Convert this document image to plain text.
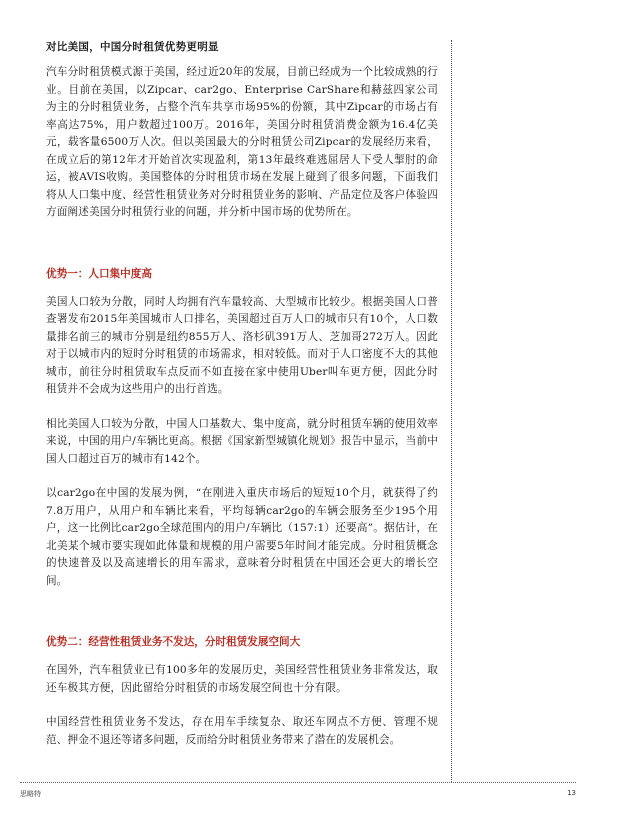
对比美国，中国分时租赁优势更明显
汽车分时租赁模式源于美国，经过近20年的发展，目前已经成为一个比较成熟的行业。目前在美国，以Zipcar、car2go、Enterprise CarShare和赫兹四家公司为主的分时租赁业务，占整个汽车共享市场95%的份额，其中Zipcar的市场占有率高达75%，用户数超过100万。2016年，美国分时租赁消费金额为16.4亿美元，载客量6500万人次。但以美国最大的分时租赁公司Zipcar的发展经历来看，在成立后的第12年才开始首次实现盈利，第13年最终难逃屈居人下受人掣肘的命运，被AVIS收购。美国整体的分时租赁市场在发展上碰到了很多问题，下面我们将从人口集中度、经营性租赁业务对分时租赁业务的影响、产品定位及客户体验四方面阐述美国分时租赁行业的问题，并分析中国市场的优势所在。
优势一：人口集中度高
美国人口较为分散，同时人均拥有汽车量较高、大型城市比较少。根据美国人口普查署发布2015年美国城市人口排名，美国超过百万人口的城市只有10个，人口数量排名前三的城市分别是纽约855万人、洛杉矶391万人、芝加哥272万人。因此对于以城市内的短时分时租赁的市场需求，相对较低。而对于人口密度不大的其他城市，前往分时租赁取车点反而不如直接在家中使用Uber叫车更方便，因此分时租赁并不会成为这些用户的出行首选。
相比美国人口较为分散，中国人口基数大、集中度高，就分时租赁车辆的使用效率来说，中国的用户/车辆比更高。根据《国家新型城镇化规划》报告中显示，当前中国人口超过百万的城市有142个。
以car2go在中国的发展为例，“在刚进入重庆市场后的短短10个月，就获得了约7.8万用户，从用户和车辆比来看，平均每辆car2go的车辆会服务至少195个用户，这一比例比car2go全球范围内的用户/车辆比（157:1）还要高”。据估计，在北美某个城市要实现如此体量和规模的用户需要5年时间才能完成。分时租赁概念的快速普及以及高速增长的用车需求，意味着分时租赁在中国还会更大的增长空间。
优势二：经营性租赁业务不发达，分时租赁发展空间大
在国外，汽车租赁业已有100多年的发展历史，美国经营性租赁业务非常发达，取还车极其方便，因此留给分时租赁的市场发展空间也十分有限。
中国经营性租赁业务不发达，存在用车手续复杂、取还车网点不方便、管理不规范、押金不退还等诸多问题，反而给分时租赁业务带来了潜在的发展机会。
思略特	13
